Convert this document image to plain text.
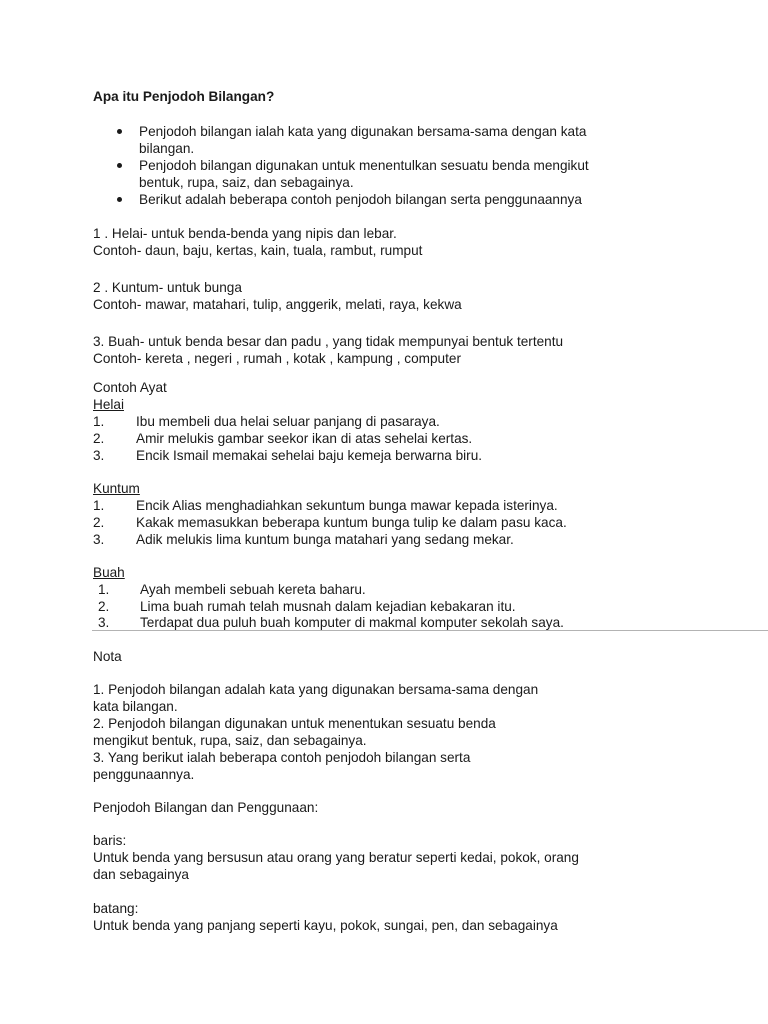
Apa itu Penjodoh Bilangan?
Penjodoh bilangan ialah kata yang digunakan bersama-sama dengan kata
bilangan.
Penjodoh bilangan digunakan untuk menentulkan sesuatu benda mengikut
bentuk, rupa, saiz, dan sebagainya.
Berikut adalah beberapa contoh penjodoh bilangan serta penggunaannya
1 . Helai- untuk benda-benda yang nipis dan lebar.
Contoh- daun, baju, kertas, kain, tuala, rambut, rumput
2 . Kuntum- untuk bunga
Contoh- mawar, matahari, tulip, anggerik, melati, raya, kekwa
3. Buah- untuk benda besar dan padu , yang tidak mempunyai bentuk tertentu
Contoh- kereta , negeri , rumah , kotak , kampung , computer
Contoh Ayat
Helai
1. Ibu membeli dua helai seluar panjang di pasaraya.
2. Amir melukis gambar seekor ikan di atas sehelai kertas.
3. Encik Ismail memakai sehelai baju kemeja berwarna biru.
Kuntum
1. Encik Alias menghadiahkan sekuntum bunga mawar kepada isterinya.
2. Kakak memasukkan beberapa kuntum bunga tulip ke dalam pasu kaca.
3. Adik melukis lima kuntum bunga matahari yang sedang mekar.
Buah
1. Ayah membeli sebuah kereta baharu.
2. Lima buah rumah telah musnah dalam kejadian kebakaran itu.
3. Terdapat dua puluh buah komputer di makmal komputer sekolah saya.
Nota
1. Penjodoh bilangan adalah kata yang digunakan bersama-sama dengan
kata bilangan.
2. Penjodoh bilangan digunakan untuk menentukan sesuatu benda
mengikut bentuk, rupa, saiz, dan sebagainya.
3. Yang berikut ialah beberapa contoh penjodoh bilangan serta
penggunaannya.
Penjodoh Bilangan dan Penggunaan:
baris:
Untuk benda yang bersusun atau orang yang beratur seperti kedai, pokok, orang
dan sebagainya
batang:
Untuk benda yang panjang seperti kayu, pokok, sungai, pen, dan sebagainya
